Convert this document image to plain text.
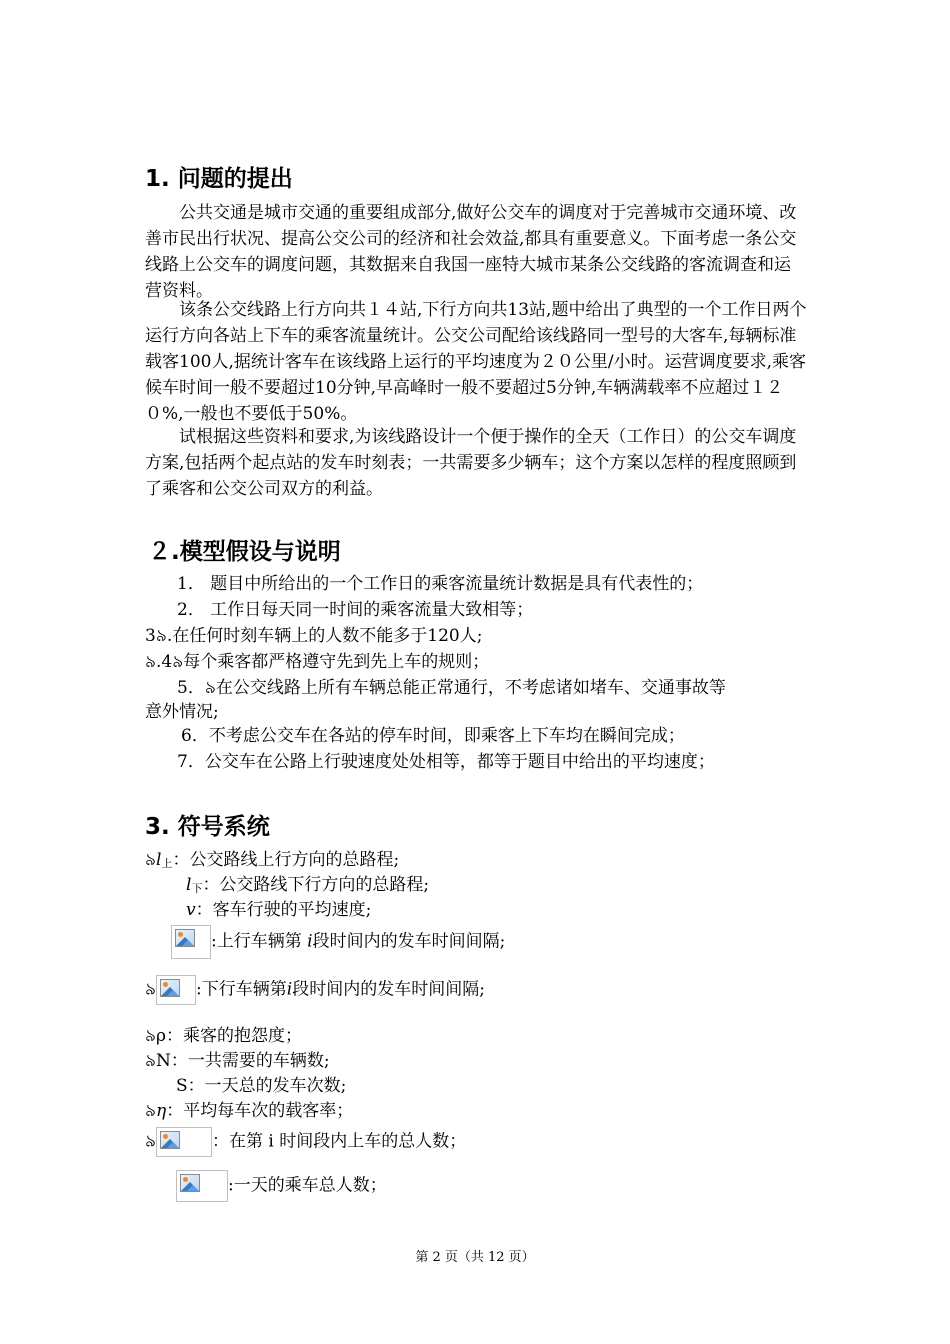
1. 问题的提出
公共交通是城市交通的重要组成部分,做好公交车的调度对于完善城市交通环境、改善市民出行状况、提高公交公司的经济和社会效益,都具有重要意义。下面考虑一条公交线路上公交车的调度问题，其数据来自我国一座特大城市某条公交线路的客流调查和运营资料。
该条公交线路上行方向共１４站,下行方向共13站,题中给出了典型的一个工作日两个运行方向各站上下车的乘客流量统计。公交公司配给该线路同一型号的大客车,每辆标准载客100人,据统计客车在该线路上运行的平均速度为２０公里/小时。运营调度要求,乘客候车时间一般不要超过10分钟,早高峰时一般不要超过5分钟,车辆满载率不应超过１２０%,一般也不要低于50%。
试根据这些资料和要求,为该线路设计一个便于操作的全天（工作日）的公交车调度方案,包括两个起点站的发车时刻表；一共需要多少辆车；这个方案以怎样的程度照顾到了乘客和公交公司双方的利益。
２.模型假设与说明
1． 题目中所给出的一个工作日的乘客流量统计数据是具有代表性的；
2． 工作日每天同一时间的乘客流量大致相等；
3৯.在任何时刻车辆上的人数不能多于120人;
৯.4৯每个乘客都严格遵守先到先上车的规则；
5．৯在公交线路上所有车辆总能正常通行，不考虑诸如堵车、交通事故等
意外情况;
6．不考虑公交车在各站的停车时间，即乘客上下车均在瞬间完成；
7．公交车在公路上行驶速度处处相等，都等于题目中给出的平均速度；
3. 符号系统
৯l上：公交路线上行方向的总路程;
l下：公交路线下行方向的总路程;
v：客车行驶的平均速度;
:上行车辆第 i段时间内的发车时间间隔;
৯ :下行车辆第i段时间内的发车时间间隔;
৯ρ：乘客的抱怨度；
৯N：一共需要的车辆数;
S：一天总的发车次数;
৯η：平均每车次的载客率；
৯	：在第 i 时间段内上车的总人数；
:一天的乘车总人数；
第 2 页（共 12 页）
